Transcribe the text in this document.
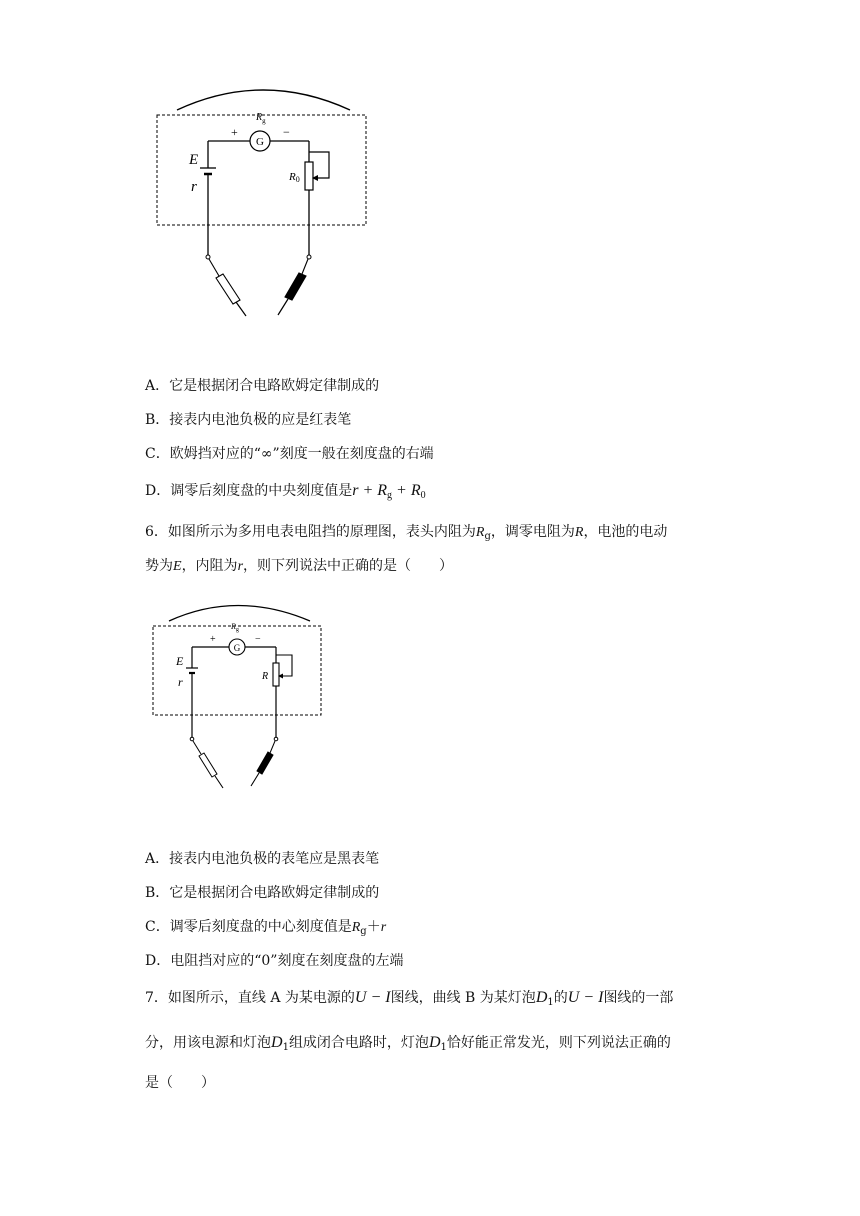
$R_g$
G
+	−
E
r
R0
A．它是根据闭合电路欧姆定律制成的
B．接表内电池负极的应是红表笔
C．欧姆挡对应的“∞”刻度一般在刻度盘的右端
D．调零后刻度盘的中央刻度值是$r + R_g + R_0$
6．如图所示为多用电表电阻挡的原理图，表头内阻为$R_g$，调零电阻为R，电池的电动
势为E，内阻为r，则下列说法中正确的是（　　）
$R_g$
G
+	−
E
r	R
A．接表内电池负极的表笔应是黑表笔
B．它是根据闭合电路欧姆定律制成的
C．调零后刻度盘的中心刻度值是$R_g+r$
D．电阻挡对应的“0”刻度在刻度盘的左端
7．如图所示，直线 A 为某电源的U − I图线，曲线 B 为某灯泡$D_1$的U − I图线的一部
分，用该电源和灯泡$D_1$组成闭合电路时，灯泡$D_1$恰好能正常发光，则下列说法正确的
是（　　）
